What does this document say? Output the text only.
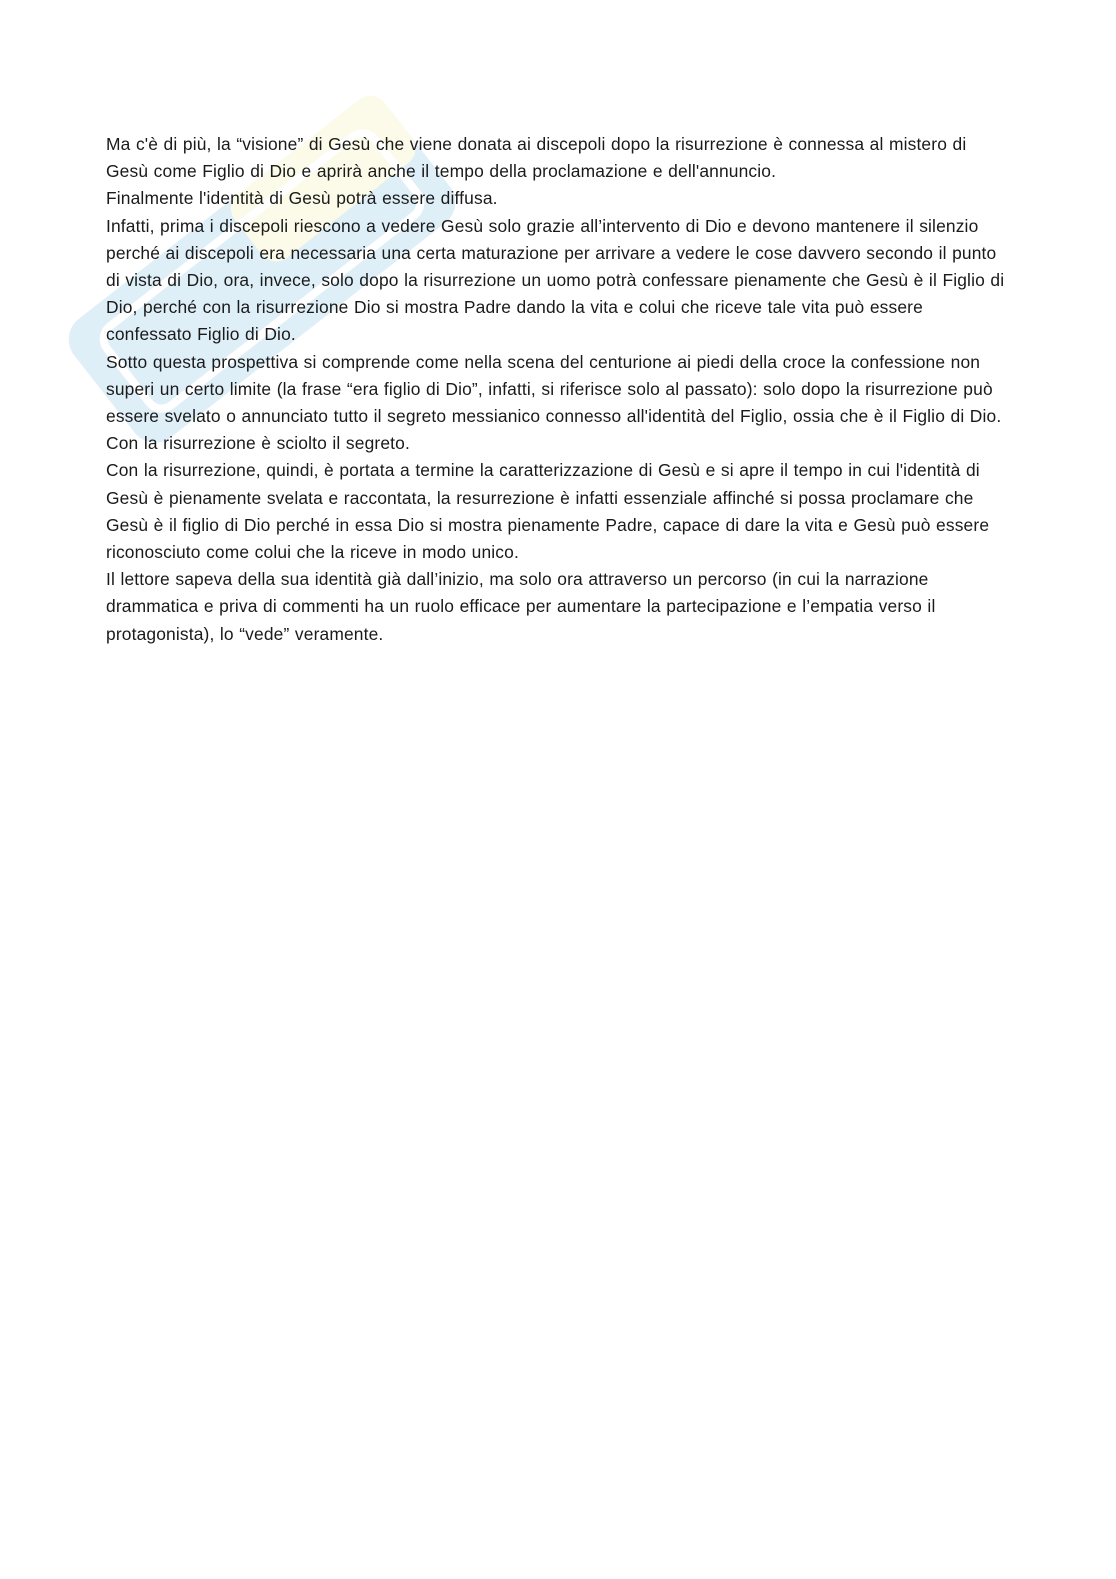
Ma c'è di più, la “visione” di Gesù che viene donata ai discepoli dopo la risurrezione è connessa al mistero di Gesù come Figlio di Dio e aprirà anche il tempo della proclamazione e dell'annuncio.

Finalmente l'identità di Gesù potrà essere diffusa.

Infatti, prima i discepoli riescono a vedere Gesù solo grazie all’intervento di Dio e devono mantenere il silenzio perché ai discepoli era necessaria una certa maturazione per arrivare a vedere le cose davvero secondo il punto di vista di Dio, ora, invece, solo dopo la risurrezione un uomo potrà confessare pienamente che Gesù è il Figlio di Dio, perché con la risurrezione Dio si mostra Padre dando la vita e colui che riceve tale vita può essere confessato Figlio di Dio.

Sotto questa prospettiva si comprende come nella scena del centurione ai piedi della croce la confessione non superi un certo limite (la frase “era figlio di Dio”, infatti, si riferisce solo al passato): solo dopo la risurrezione può essere svelato o annunciato tutto il segreto messianico connesso all'identità del Figlio, ossia che è il Figlio di Dio.

Con la risurrezione è sciolto il segreto.

Con la risurrezione, quindi, è portata a termine la caratterizzazione di Gesù e si apre il tempo in cui l'identità di Gesù è pienamente svelata e raccontata, la resurrezione è infatti essenziale affinché si possa proclamare che Gesù è il figlio di Dio perché in essa Dio si mostra pienamente Padre, capace di dare la vita e Gesù può essere riconosciuto come colui che la riceve in modo unico.

Il lettore sapeva della sua identità già dall’inizio, ma solo ora attraverso un percorso (in cui la narrazione drammatica e priva di commenti ha un ruolo efficace per aumentare la partecipazione e l’empatia verso il protagonista), lo “vede” veramente.
